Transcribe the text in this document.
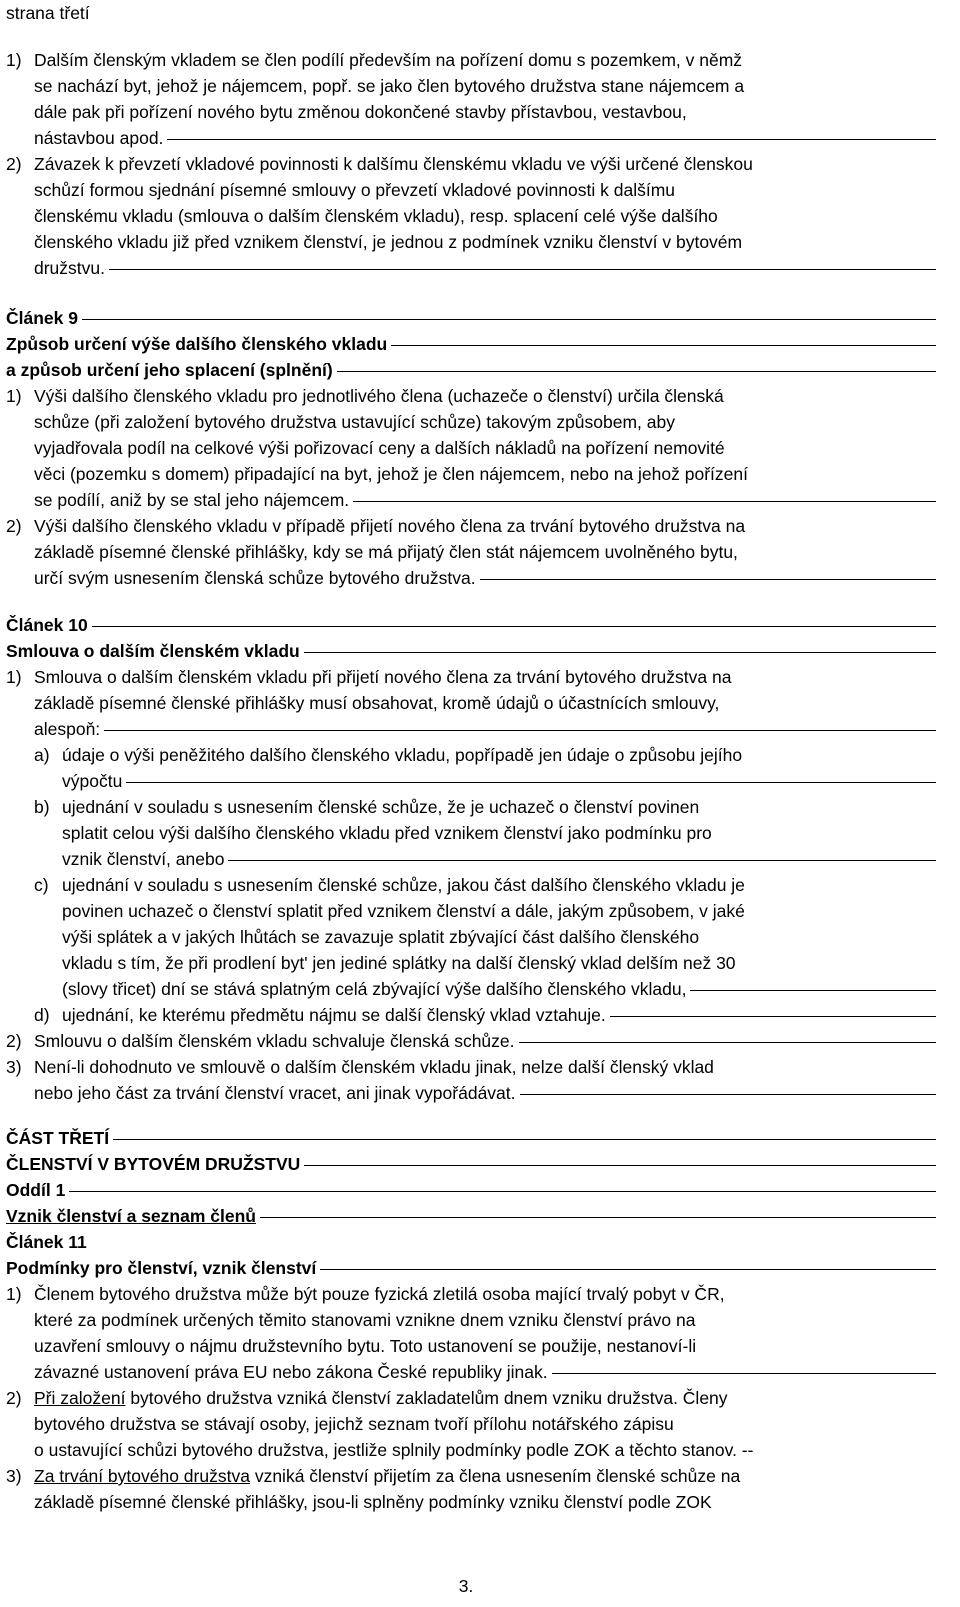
strana třetí
1) Dalším členským vkladem se člen podílí především na pořízení domu s pozemkem, v němž
se nachází byt, jehož je nájemcem, popř. se jako člen bytového družstva stane nájemcem a
dále pak při pořízení nového bytu změnou dokončené stavby přístavbou, vestavbou,
nástavbou apod.
2) Závazek k převzetí vkladové povinnosti k dalšímu členskému vkladu ve výši určené členskou
schůzí formou sjednání písemné smlouvy o převzetí vkladové povinnosti k dalšímu
členskému vkladu (smlouva o dalším členském vkladu), resp. splacení celé výše dalšího
členského vkladu již před vznikem členství, je jednou z podmínek vzniku členství v bytovém
družstvu.
Článek 9
Způsob určení výše dalšího členského vkladu
a způsob určení jeho splacení (splnění)
1) Výši dalšího členského vkladu pro jednotlivého člena (uchazeče o členství) určila členská
schůze (při založení bytového družstva ustavující schůze) takovým způsobem, aby
vyjadřovala podíl na celkové výši pořizovací ceny a dalších nákladů na pořízení nemovité
věci (pozemku s domem) připadající na byt, jehož je člen nájemcem, nebo na jehož pořízení
se podílí, aniž by se stal jeho nájemcem.
2) Výši dalšího členského vkladu v případě přijetí nového člena za trvání bytového družstva na
základě písemné členské přihlášky, kdy se má přijatý člen stát nájemcem uvolněného bytu,
určí svým usnesením členská schůze bytového družstva.
Článek 10
Smlouva o dalším členském vkladu
1) Smlouva o dalším členském vkladu při přijetí nového člena za trvání bytového družstva na
základě písemné členské přihlášky musí obsahovat, kromě údajů o účastnících smlouvy,
alespoň:
a) údaje o výši peněžitého dalšího členského vkladu, popřípadě jen údaje o způsobu jejího
výpočtu
b) ujednání v souladu s usnesením členské schůze, že je uchazeč o členství povinen
splatit celou výši dalšího členského vkladu před vznikem členství jako podmínku pro
vznik členství, anebo
c) ujednání v souladu s usnesením členské schůze, jakou část dalšího členského vkladu je
povinen uchazeč o členství splatit před vznikem členství a dále, jakým způsobem, v jaké
výši splátek a v jakých lhůtách se zavazuje splatit zbývající část dalšího členského
vkladu s tím, že při prodlení byt' jen jediné splátky na další členský vklad delším než 30
(slovy třicet) dní se stává splatným celá zbývající výše dalšího členského vkladu,
d) ujednání, ke kterému předmětu nájmu se další členský vklad vztahuje.
2) Smlouvu o dalším členském vkladu schvaluje členská schůze.
3) Není-li dohodnuto ve smlouvě o dalším členském vkladu jinak, nelze další členský vklad
nebo jeho část za trvání členství vracet, ani jinak vypořádávat.
ČÁST TŘETÍ
ČLENSTVÍ V BYTOVÉM DRUŽSTVU
Oddíl 1
Vznik členství a seznam členů
Článek 11
Podmínky pro členství, vznik členství
1) Členem bytového družstva může být pouze fyzická zletilá osoba mající trvalý pobyt v ČR,
které za podmínek určených těmito stanovami vznikne dnem vzniku členství právo na
uzavření smlouvy o nájmu družstevního bytu. Toto ustanovení se použije, nestanoví-li
závazné ustanovení práva EU nebo zákona České republiky jinak.
2) Při založení bytového družstva vzniká členství zakladatelům dnem vzniku družstva. Členy
bytového družstva se stávají osoby, jejichž seznam tvoří přílohu notářského zápisu
o ustavující schůzi bytového družstva, jestliže splnily podmínky podle ZOK a těchto stanov. --
3) Za trvání bytového družstva vzniká členství přijetím za člena usnesením členské schůze na
základě písemné členské přihlášky, jsou-li splněny podmínky vzniku členství podle ZOK
3.
